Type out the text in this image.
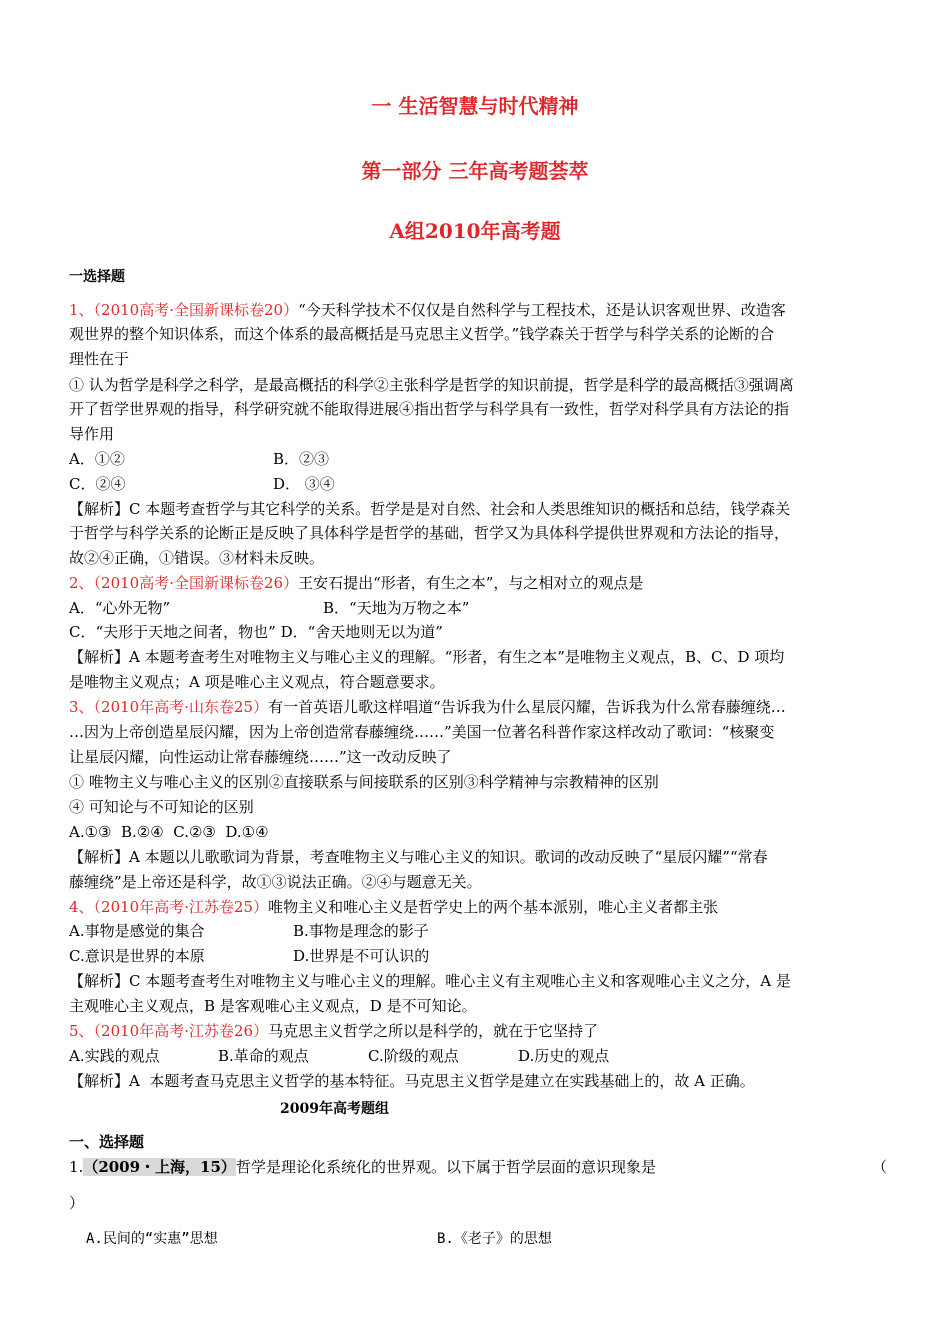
一 生活智慧与时代精神
第一部分 三年高考题荟萃
A组2010年高考题
一选择题
1、（2010高考·全国新课标卷20）“今天科学技术不仅仅是自然科学与工程技术，还是认识客观世界、改造客
观世界的整个知识体系，而这个体系的最高概括是马克思主义哲学。”钱学森关于哲学与科学关系的论断的合
理性在于
① 认为哲学是科学之科学，是最高概括的科学②主张科学是哲学的知识前提，哲学是科学的最高概括③强调离
开了哲学世界观的指导，科学研究就不能取得进展④指出哲学与科学具有一致性，哲学对科学具有方法论的指
导作用
A．①②	B．②③
C．②④	D． ③④
【解析】C 本题考查哲学与其它科学的关系。哲学是是对自然、社会和人类思维知识的概括和总结，钱学森关
于哲学与科学关系的论断正是反映了具体科学是哲学的基础，哲学又为具体科学提供世界观和方法论的指导，
故②④正确，①错误。③材料未反映。
2、（2010高考·全国新课标卷26）王安石提出“形者，有生之本”，与之相对立的观点是
A．“心外无物”	B．“天地为万物之本”
C．“夫形于天地之间者，物也” D．“舍天地则无以为道”
【解析】A 本题考查考生对唯物主义与唯心主义的理解。“形者，有生之本”是唯物主义观点，B、C、D 项均
是唯物主义观点；A 项是唯心主义观点，符合题意要求。
3、（2010年高考·山东卷25）有一首英语儿歌这样唱道“告诉我为什么星辰闪耀，告诉我为什么常春藤缠绕…
…因为上帝创造星辰闪耀，因为上帝创造常春藤缠绕……”美国一位著名科普作家这样改动了歌词：“核聚变
让星辰闪耀，向性运动让常春藤缠绕……”这一改动反映了
① 唯物主义与唯心主义的区别②直接联系与间接联系的区别③科学精神与宗教精神的区别
④ 可知论与不可知论的区别
A.①③  B.②④  C.②③  D.①④
【解析】A 本题以儿歌歌词为背景，考查唯物主义与唯心主义的知识。歌词的改动反映了“星辰闪耀”“常春
藤缠绕”是上帝还是科学，故①③说法正确。②④与题意无关。
4、（2010年高考·江苏卷25）唯物主义和唯心主义是哲学史上的两个基本派别，唯心主义者都主张
A.事物是感觉的集合	B.事物是理念的影子
C.意识是世界的本原	D.世界是不可认识的
【解析】C 本题考查考生对唯物主义与唯心主义的理解。唯心主义有主观唯心主义和客观唯心主义之分，A 是
主观唯心主义观点，B 是客观唯心主义观点，D 是不可知论。
5、（2010年高考·江苏卷26）马克思主义哲学之所以是科学的，就在于它坚持了
A.实践的观点	B.革命的观点	C.阶级的观点	D.历史的观点
【解析】A  本题考查马克思主义哲学的基本特征。马克思主义哲学是建立在实践基础上的，故 A 正确。
2009年高考题组
一、选择题
1.（2009・上海，15）哲学是理论化系统化的世界观。以下属于哲学层面的意识现象是	（
）
A.民间的“实惠”思想	B.《老子》的思想
